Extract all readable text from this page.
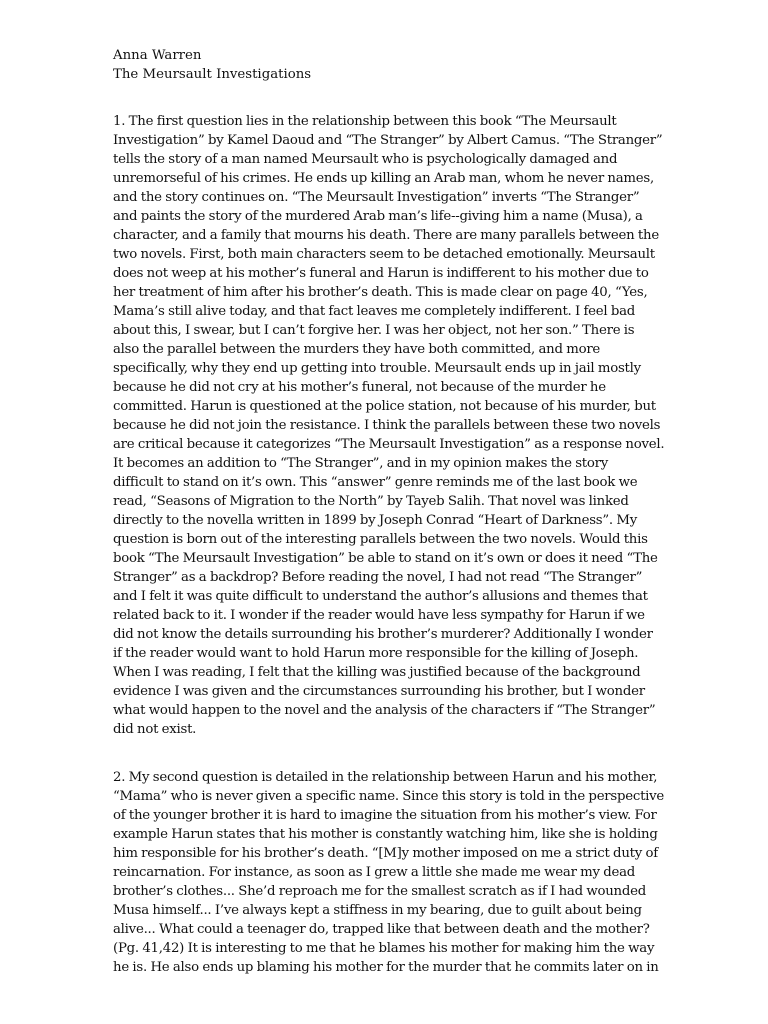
Anna Warren
The Meursault Investigations
1. The first question lies in the relationship between this book “The Meursault
Investigation” by Kamel Daoud and “The Stranger” by Albert Camus. “The Stranger”
tells the story of a man named Meursault who is psychologically damaged and
unremorseful of his crimes. He ends up killing an Arab man, whom he never names,
and the story continues on. “The Meursault Investigation” inverts “The Stranger”
and paints the story of the murdered Arab man’s life--giving him a name (Musa), a
character, and a family that mourns his death. There are many parallels between the
two novels. First, both main characters seem to be detached emotionally. Meursault
does not weep at his mother’s funeral and Harun is indifferent to his mother due to
her treatment of him after his brother’s death. This is made clear on page 40, “Yes,
Mama’s still alive today, and that fact leaves me completely indifferent. I feel bad
about this, I swear, but I can’t forgive her. I was her object, not her son.” There is
also the parallel between the murders they have both committed, and more
specifically, why they end up getting into trouble. Meursault ends up in jail mostly
because he did not cry at his mother’s funeral, not because of the murder he
committed. Harun is questioned at the police station, not because of his murder, but
because he did not join the resistance. I think the parallels between these two novels
are critical because it categorizes “The Meursault Investigation” as a response novel.
It becomes an addition to “The Stranger”, and in my opinion makes the story
difficult to stand on it’s own. This “answer” genre reminds me of the last book we
read, “Seasons of Migration to the North” by Tayeb Salih. That novel was linked
directly to the novella written in 1899 by Joseph Conrad “Heart of Darkness”. My
question is born out of the interesting parallels between the two novels. Would this
book “The Meursault Investigation” be able to stand on it’s own or does it need “The
Stranger” as a backdrop? Before reading the novel, I had not read “The Stranger”
and I felt it was quite difficult to understand the author’s allusions and themes that
related back to it. I wonder if the reader would have less sympathy for Harun if we
did not know the details surrounding his brother’s murderer? Additionally I wonder
if the reader would want to hold Harun more responsible for the killing of Joseph.
When I was reading, I felt that the killing was justified because of the background
evidence I was given and the circumstances surrounding his brother, but I wonder
what would happen to the novel and the analysis of the characters if “The Stranger”
did not exist.
2. My second question is detailed in the relationship between Harun and his mother,
“Mama” who is never given a specific name. Since this story is told in the perspective
of the younger brother it is hard to imagine the situation from his mother’s view. For
example Harun states that his mother is constantly watching him, like she is holding
him responsible for his brother’s death. “[M]y mother imposed on me a strict duty of
reincarnation. For instance, as soon as I grew a little she made me wear my dead
brother’s clothes... She’d reproach me for the smallest scratch as if I had wounded
Musa himself... I’ve always kept a stiffness in my bearing, due to guilt about being
alive... What could a teenager do, trapped like that between death and the mother?
(Pg. 41,42) It is interesting to me that he blames his mother for making him the way
he is. He also ends up blaming his mother for the murder that he commits later on in
